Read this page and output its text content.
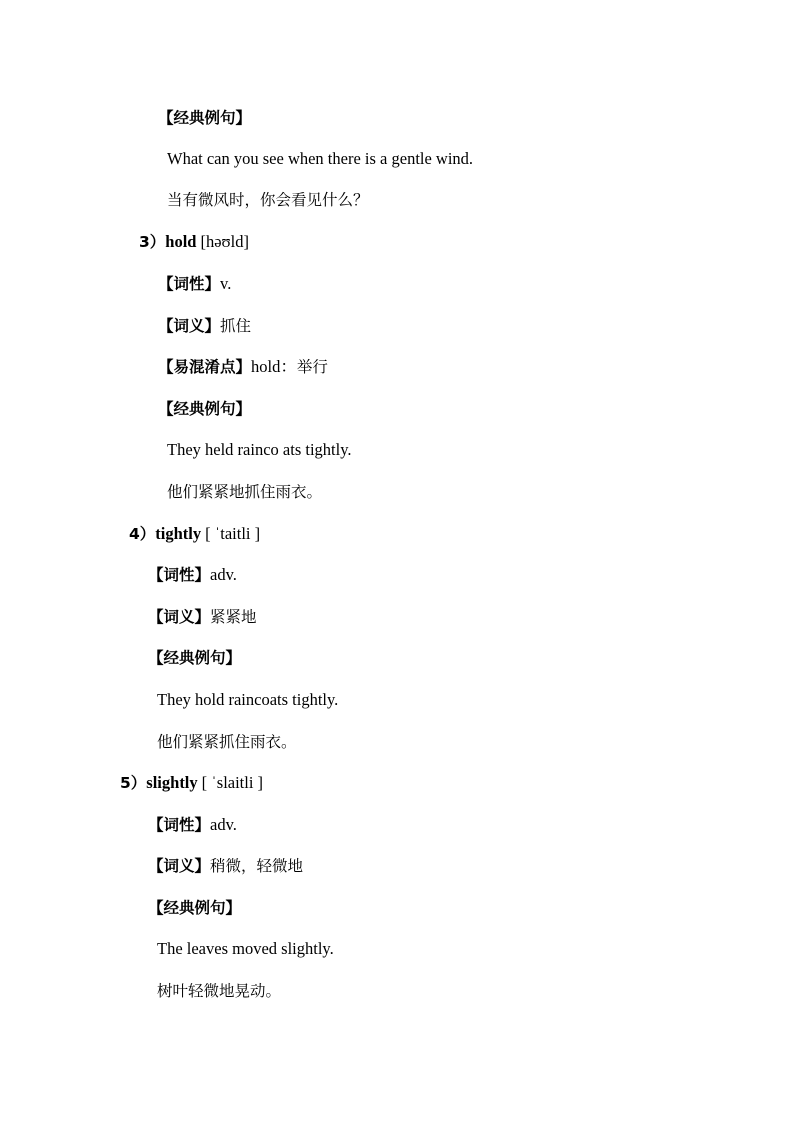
【经典例句】
What can you see when there is a gentle wind.
当有微风时，你会看见什么？
3）hold [həʊld]
【词性】v.
【词义】抓住
【易混淆点】hold：举行
【经典例句】
They held rainco ats tightly.
他们紧紧地抓住雨衣。
4）tightly [ ˈtaitli ]
【词性】adv.
【词义】紧紧地
【经典例句】
They hold raincoats tightly.
他们紧紧抓住雨衣。
5）slightly [ ˈslaitli ]
【词性】adv.
【词义】稍微，轻微地
【经典例句】
The leaves moved slightly.
树叶轻微地晃动。
